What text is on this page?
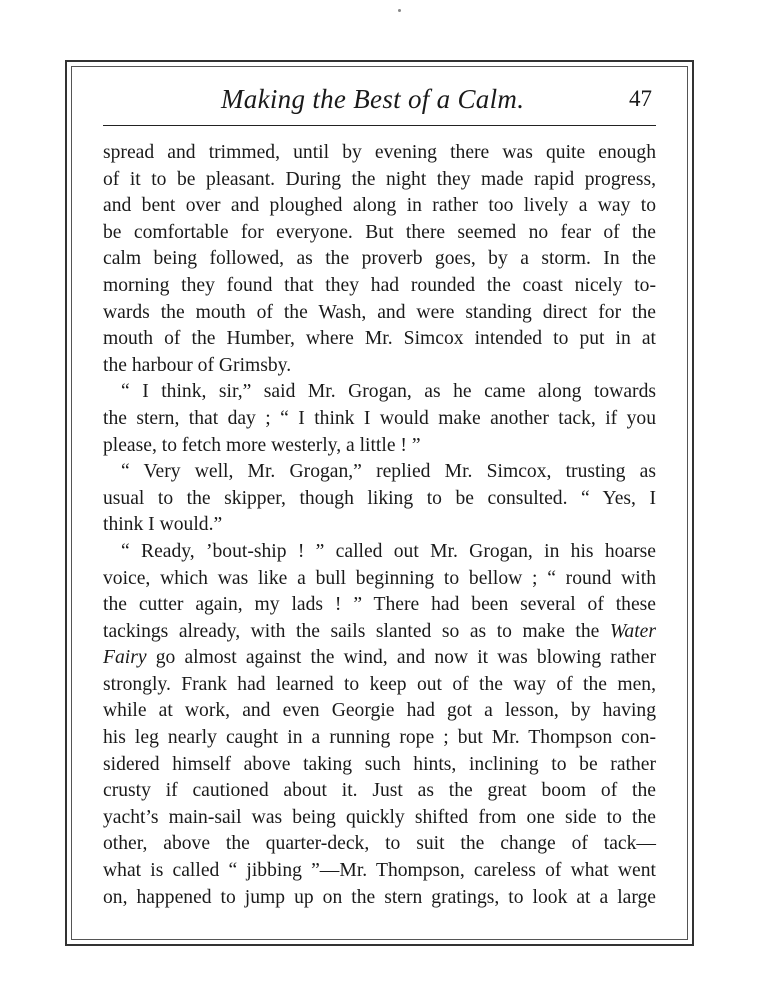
Making the Best of a Calm.	47
spread and trimmed, until by evening there was quite enough
of it to be pleasant. During the night they made rapid progress,
and bent over and ploughed along in rather too lively a way to
be comfortable for everyone. But there seemed no fear of the
calm being followed, as the proverb goes, by a storm. In the
morning they found that they had rounded the coast nicely to-
wards the mouth of the Wash, and were standing direct for the
mouth of the Humber, where Mr. Simcox intended to put in at
the harbour of Grimsby.
“ I think, sir,” said Mr. Grogan, as he came along towards
the stern, that day ; “ I think I would make another tack, if you
please, to fetch more westerly, a little ! ”
“ Very well, Mr. Grogan,” replied Mr. Simcox, trusting as
usual to the skipper, though liking to be consulted. “ Yes, I
think I would.”
“ Ready, ’bout-ship ! ” called out Mr. Grogan, in his hoarse
voice, which was like a bull beginning to bellow ; “ round with
the cutter again, my lads ! ” There had been several of these
tackings already, with the sails slanted so as to make the Water
Fairy go almost against the wind, and now it was blowing rather
strongly. Frank had learned to keep out of the way of the men,
while at work, and even Georgie had got a lesson, by having
his leg nearly caught in a running rope ; but Mr. Thompson con-
sidered himself above taking such hints, inclining to be rather
crusty if cautioned about it. Just as the great boom of the
yacht’s main-sail was being quickly shifted from one side to the
other, above the quarter-deck, to suit the change of tack—
what is called “ jibbing ”—Mr. Thompson, careless of what went
on, happened to jump up on the stern gratings, to look at a large
